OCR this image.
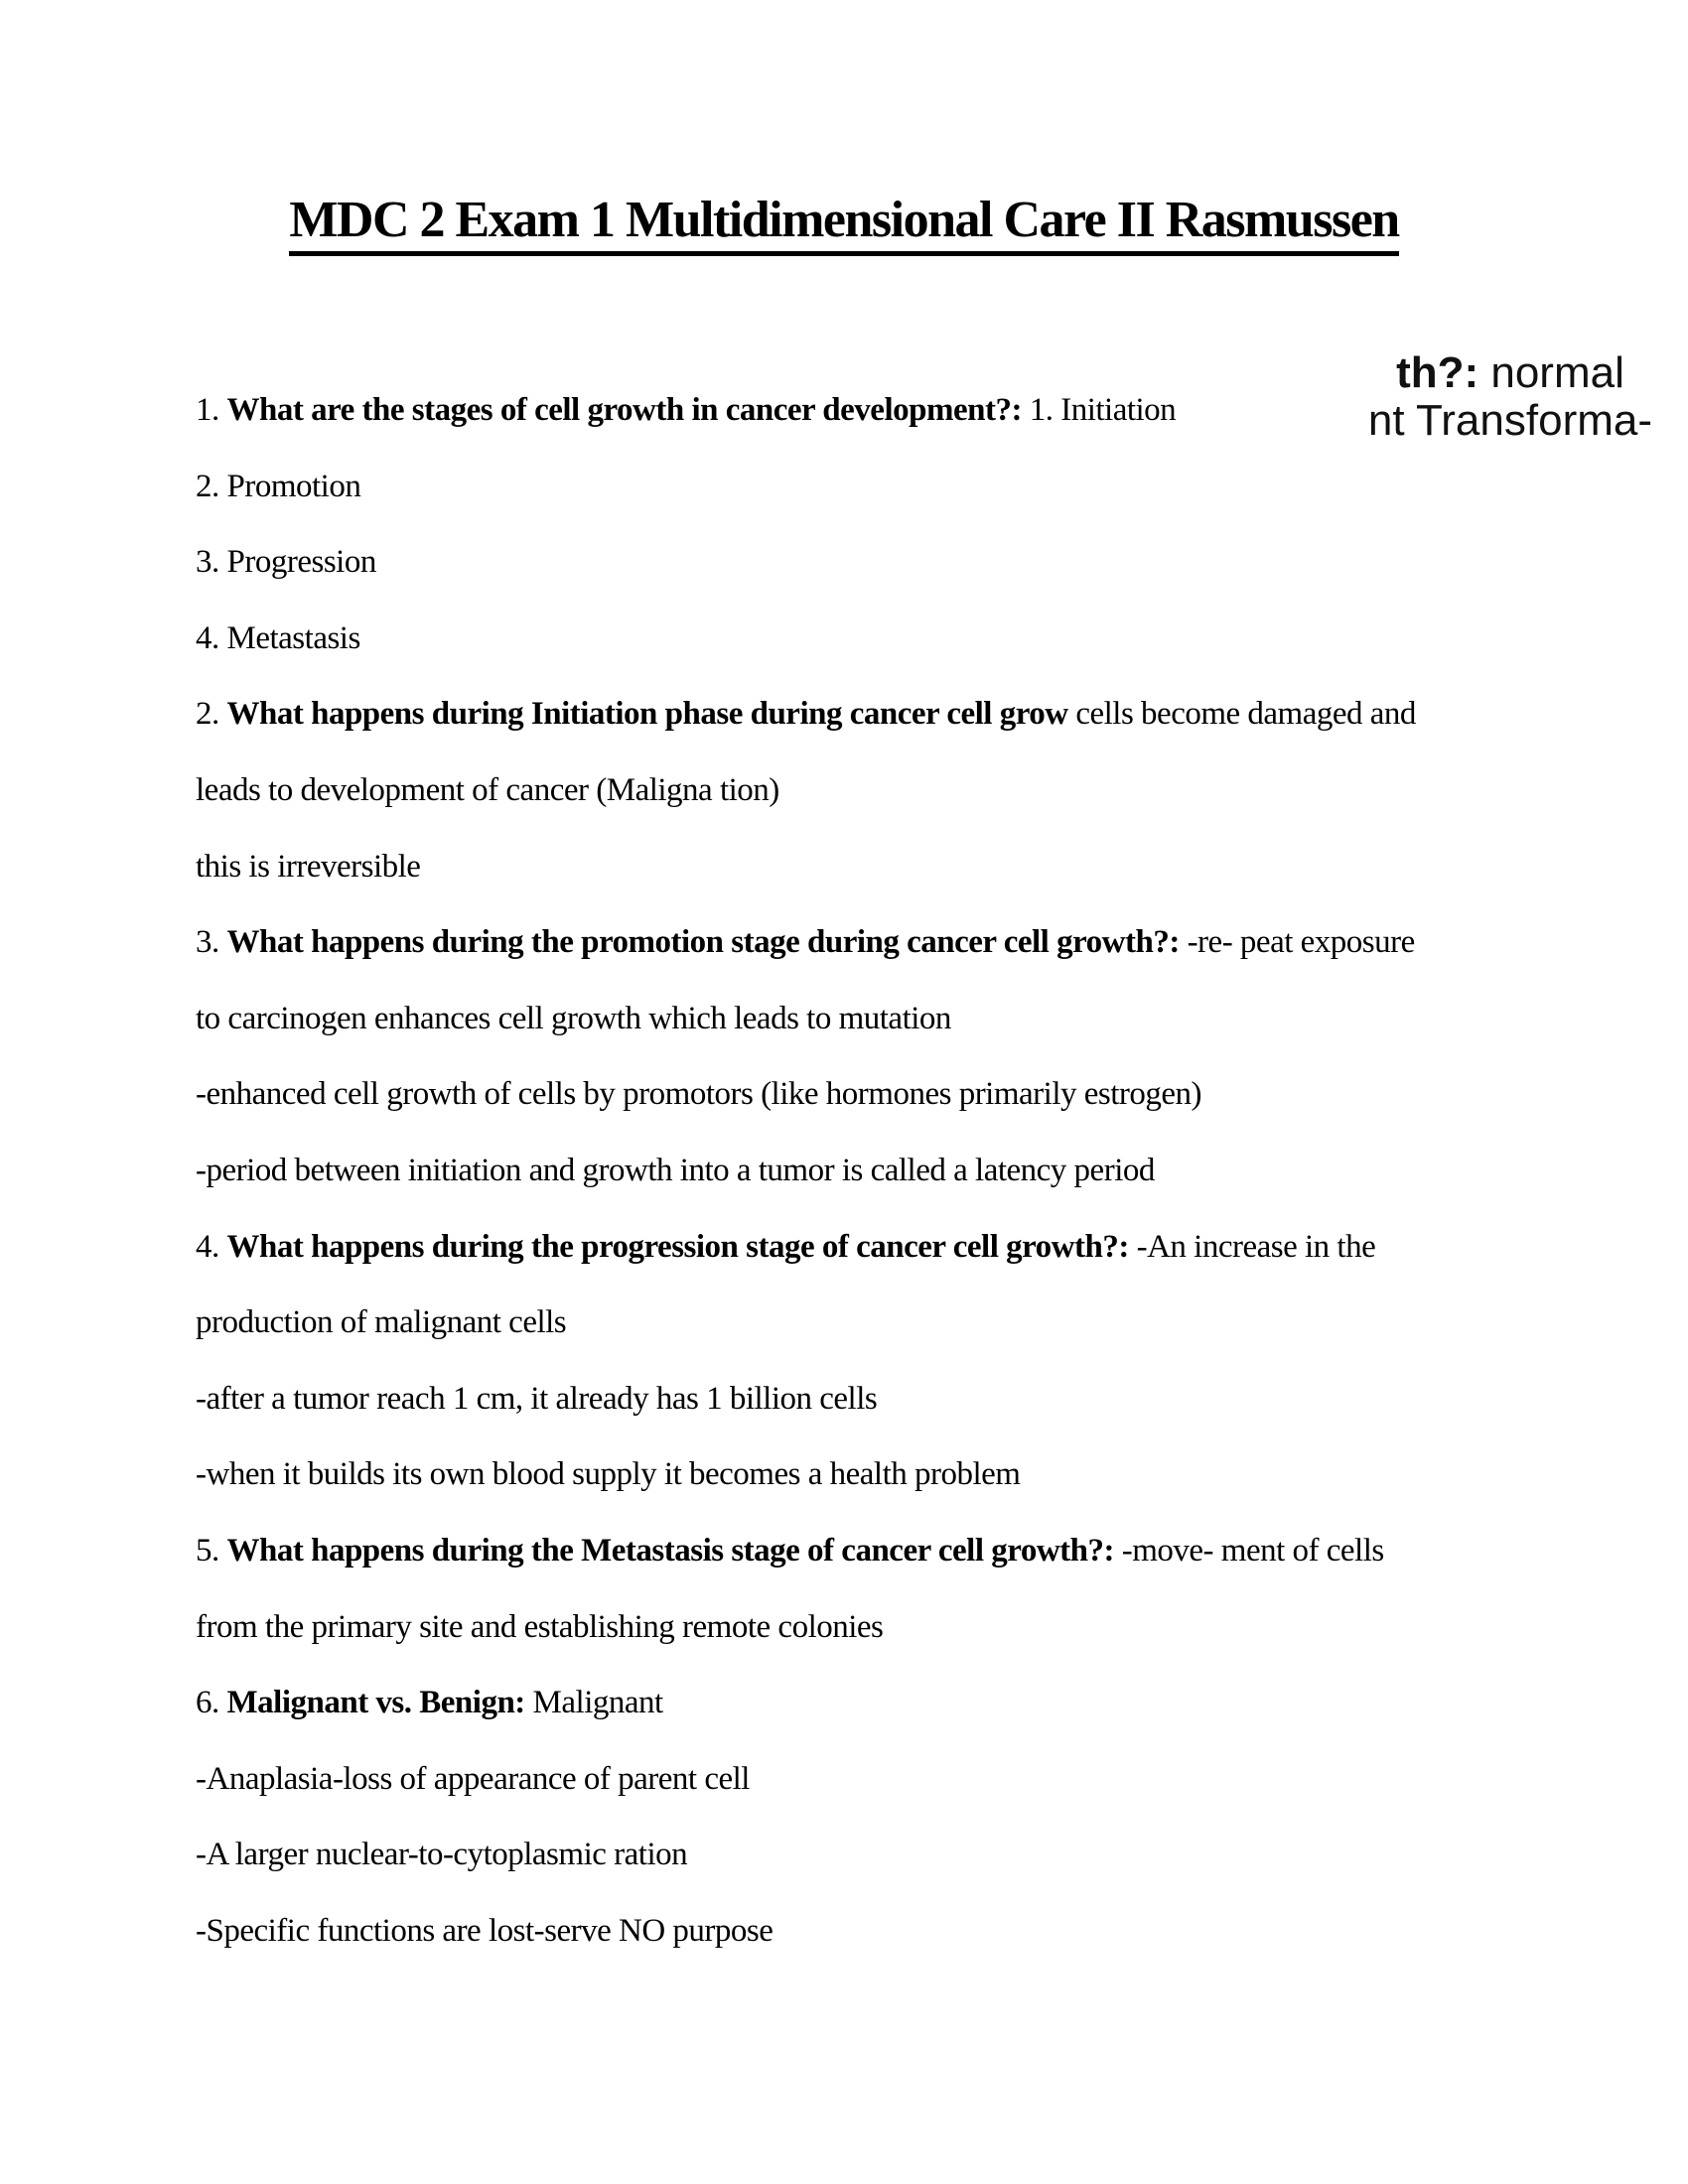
MDC 2 Exam 1 Multidimensional Care II Rasmussen
th?: normal
nt Transforma-
1. What are the stages of cell growth in cancer development?: 1. Initiation
2. Promotion
3. Progression
4. Metastasis
2. What happens during Initiation phase during cancer cell grow cells become damaged and
leads to development of cancer (Maligna tion)
this is irreversible
3. What happens during the promotion stage during cancer cell growth?: -re- peat exposure
to carcinogen enhances cell growth which leads to mutation
-enhanced cell growth of cells by promotors (like hormones primarily estrogen)
-period between initiation and growth into a tumor is called a latency period
4. What happens during the progression stage of cancer cell growth?: -An increase in the
production of malignant cells
-after a tumor reach 1 cm, it already has 1 billion cells
-when it builds its own blood supply it becomes a health problem
5. What happens during the Metastasis stage of cancer cell growth?: -move- ment of cells
from the primary site and establishing remote colonies
6. Malignant vs. Benign: Malignant
-Anaplasia-loss of appearance of parent cell
-A larger nuclear-to-cytoplasmic ration
-Specific functions are lost-serve NO purpose
